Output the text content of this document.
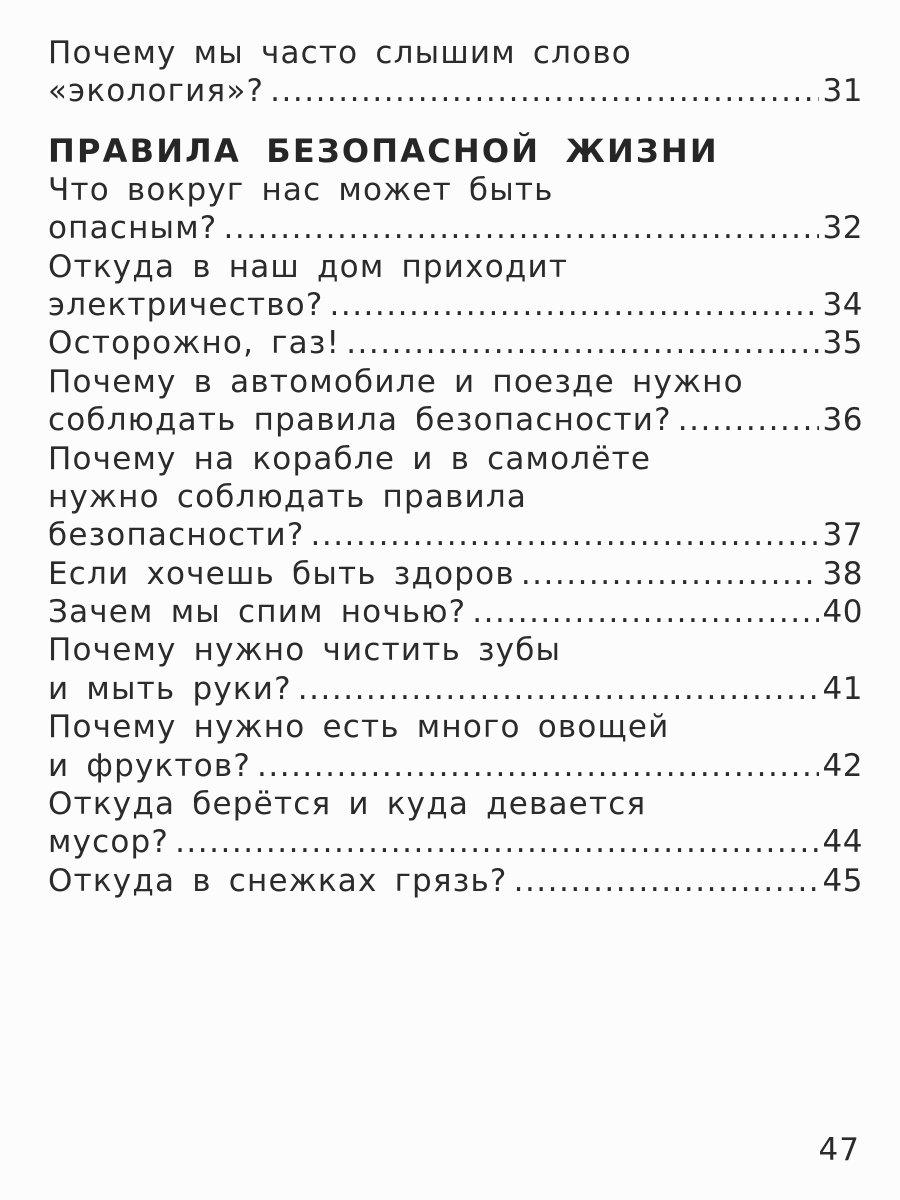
Почему мы часто слышим слово
«экология»? .....	31
ПРАВИЛА БЕЗОПАСНОЙ ЖИЗНИ
Что вокруг нас может быть
опасным? .....	32
Откуда в наш дом приходит
электричество? .....	34
Осторожно, газ! .....	35
Почему в автомобиле и поезде нужно
соблюдать правила безопасности? .....	36
Почему на корабле и в самолёте
нужно соблюдать правила
безопасности? .....	37
Если хочешь быть здоров .....	38
Зачем мы спим ночью? .....	40
Почему нужно чистить зубы
и мыть руки? .....	41
Почему нужно есть много овощей
и фруктов? .....	42
Откуда берётся и куда девается
мусор? .....	44
Откуда в снежках грязь? .....	45
47
